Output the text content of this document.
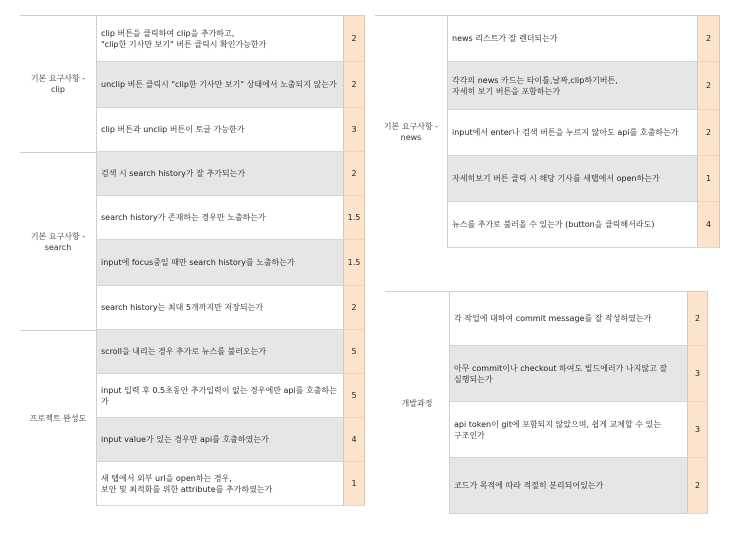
기본 요구사항 - clip
clip 버튼을 클릭하여 clip을 추가하고,
"clip한 기사만 보기" 버튼 클릭시 확인가능한가
2
unclip 버튼 클릭시 "clip한 기사만 보기" 상태에서 노출되지 않는가	2
clip 버튼과 unclip 버튼이 토글 가능한가	3
기본 요구사항 - search
검색 시 search history가 잘 추가되는가	2
search history가 존재하는 경우만 노출하는가	1.5
input에 focus중일 때만 search history를 노출하는가	1.5
search history는 최대 5개까지만 저장되는가	2
프로젝트 완성도
scroll을 내리는 경우 추가로 뉴스를 불러오는가	5
input 입력 후 0.5초동안 추가입력이 없는 경우에만 api를 호출하는가
5
input value가 있는 경우만 api를 호출하였는가	4
새 탭에서 외부 url을 open하는 경우,
보안 및 최적화를 위한 attribute를 추가하였는가
1
기본 요구사항 - news
news 리스트가 잘 렌더되는가	2
각각의 news 카드는 타이틀,날짜,clip하기버튼,
자세히 보기 버튼을 포함하는가
2
input에서 enter나 검색 버튼을 누르지 않아도 api를 호출하는가	2
자세히보기 버튼 클릭 시 해당 기사를 새탭에서 open하는가	1
뉴스를 추가로 불러올 수 있는가 (button을 클릭해서라도)	4
개발과정
각 작업에 대하여 commit message를 잘 작성하였는가	2
아무 commit이나 checkout 하여도 빌드에러가 나지않고 잘
실행되는가
3
api token이 git에 포함되지 않았으며, 쉽게 교체할 수 있는
구조인가
3
코드가 목적에 따라 적절히 분리되어있는가	2
